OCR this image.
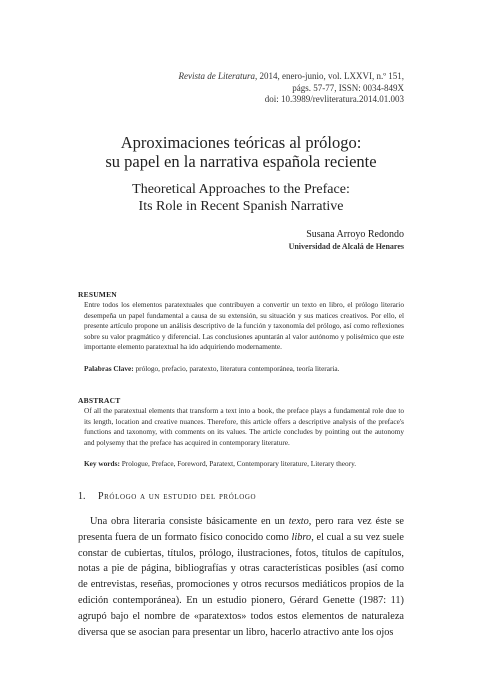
Revista de Literatura, 2014, enero-junio, vol. LXXVI, n.º 151,
págs. 57-77, ISSN: 0034-849X
doi: 10.3989/revliteratura.2014.01.003
Aproximaciones teóricas al prólogo:
su papel en la narrativa española reciente
Theoretical Approaches to the Preface:
Its Role in Recent Spanish Narrative
Susana Arroyo Redondo
Universidad de Alcalá de Henares
RESUMEN
Entre todos los elementos paratextuales que contribuyen a convertir un texto en libro, el prólogo literario desempeña un papel fundamental a causa de su extensión, su situación y sus matices creativos. Por ello, el presente artículo propone un análisis descriptivo de la función y taxonomía del prólogo, así como reflexiones sobre su valor pragmático y diferencial. Las conclusiones apuntarán al valor autónomo y polisémico que este importante elemento paratextual ha ido adquiriendo modernamente.
Palabras Clave: prólogo, prefacio, paratexto, literatura contemporánea, teoría literaria.
ABSTRACT
Of all the paratextual elements that transform a text into a book, the preface plays a fundamental role due to its length, location and creative nuances. Therefore, this article offers a descriptive analysis of the preface's functions and taxonomy, with comments on its values. The article concludes by pointing out the autonomy and polysemy that the preface has acquired in contemporary literature.
Key words: Prologue, Preface, Foreword, Paratext, Contemporary literature, Literary theory.
1. Prólogo a un estudio del prólogo
Una obra literaria consiste básicamente en un texto, pero rara vez éste se presenta fuera de un formato físico conocido como libro, el cual a su vez suele constar de cubiertas, títulos, prólogo, ilustraciones, fotos, títulos de capítulos, notas a pie de página, bibliografías y otras características posibles (así como de entrevistas, reseñas, promociones y otros recursos mediáticos propios de la edición contemporánea). En un estudio pionero, Gérard Genette (1987: 11) agrupó bajo el nombre de «paratextos» todos estos elementos de naturaleza diversa que se asocian para presentar un libro, hacerlo atractivo ante los ojos
